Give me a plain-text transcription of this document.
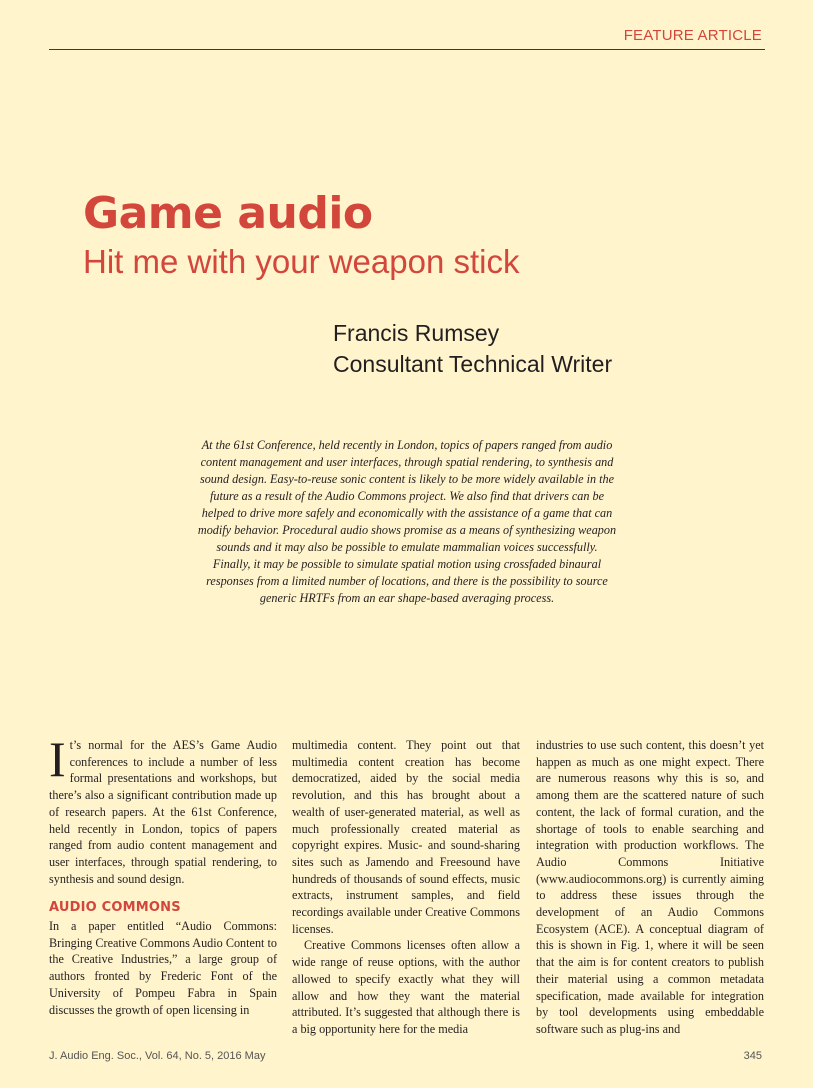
FEATURE ARTICLE
Game audio
Hit me with your weapon stick
Francis Rumsey
Consultant Technical Writer
At the 61st Conference, held recently in London, topics of papers ranged from audio content management and user interfaces, through spatial rendering, to synthesis and sound design. Easy-to-reuse sonic content is likely to be more widely available in the future as a result of the Audio Commons project. We also find that drivers can be helped to drive more safely and economically with the assistance of a game that can modify behavior. Procedural audio shows promise as a means of synthesizing weapon sounds and it may also be possible to emulate mammalian voices successfully. Finally, it may be possible to simulate spatial motion using crossfaded binaural responses from a limited number of locations, and there is the possibility to source generic HRTFs from an ear shape-based averaging process.

It’s normal for the AES’s Game Audio conferences to include a number of less formal presentations and workshops, but there’s also a significant contribution made up of research papers. At the 61st Conference, held recently in London, topics of papers ranged from audio content management and user interfaces, through spatial rendering, to synthesis and sound design.

AUDIO COMMONS

In a paper entitled “Audio Commons: Bringing Creative Commons Audio Content to the Creative Industries,” a large group of authors fronted by Frederic Font of the University of Pompeu Fabra in Spain discusses the growth of open licensing in

multimedia content. They point out that multimedia content creation has become democratized, aided by the social media revolution, and this has brought about a wealth of user-generated material, as well as much professionally created material as copyright expires. Music- and sound-sharing sites such as Jamendo and Freesound have hundreds of thousands of sound effects, music extracts, instrument samples, and field recordings available under Creative Commons licenses.

Creative Commons licenses often allow a wide range of reuse options, with the author allowed to specify exactly what they will allow and how they want the material attributed. It’s suggested that although there is a big opportunity here for the media

industries to use such content, this doesn’t yet happen as much as one might expect. There are numerous reasons why this is so, and among them are the scattered nature of such content, the lack of formal curation, and the shortage of tools to enable searching and integration with production workflows. The Audio Commons Initiative (www.audiocommons.org) is currently aiming to address these issues through the development of an Audio Commons Ecosystem (ACE). A conceptual diagram of this is shown in Fig. 1, where it will be seen that the aim is for content creators to publish their material using a common metadata specification, made available for integration by tool developments using embeddable software such as plug-ins and

J. Audio Eng. Soc., Vol. 64, No. 5, 2016 May	345
